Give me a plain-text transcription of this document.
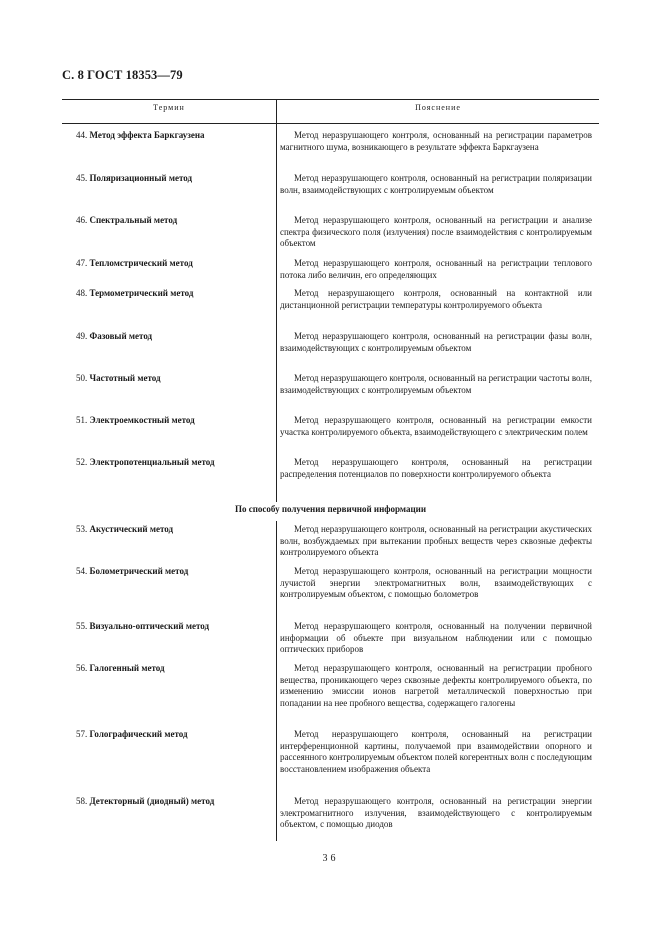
С. 8 ГОСТ 18353—79
Термин	Пояснение
44. Метод эффекта Баркгаузена	Метод неразрушающего контроля, основанный на регистрации параметров магнитного шума, возникающего в результате эффекта Баркгаузена
45. Поляризационный метод	Метод неразрушающего контроля, основанный на регистрации поляризации волн, взаимодействующих с контролируемым объектом
46. Спектральный метод	Метод неразрушающего контроля, основанный на регистрации и анализе спектра физического поля (излучения) после взаимодействия с контролируемым объектом
47. Тепломстрический метод	Метод неразрушающего контроля, основанный на регистрации теплового потока либо величин, его определяющих
48. Термометрический метод	Метод неразрушающего контроля, основанный на контактной или дистанционной регистрации температуры контролируемого объекта
49. Фазовый метод	Метод неразрушающего контроля, основанный на регистрации фазы волн, взаимодействующих с контролируемым объектом
50. Частотный метод	Метод неразрушающего контроля, основанный на регистрации частоты волн, взаимодействующих с контролируемым объектом
51. Электроемкостный метод	Метод неразрушающего контроля, основанный на регистрации емкости участка контролируемого объекта, взаимодействующего с электрическим полем
52. Электропотенциальный метод	Метод неразрушающего контроля, основанный на регистрации распределения потенциалов по поверхности контролируемого объекта
По способу получения первичной информации
53. Акустический метод	Метод неразрушающего контроля, основанный на регистрации акустических волн, возбуждаемых при вытекании пробных веществ через сквозные дефекты контролируемого объекта
54. Болометрический метод	Метод неразрушающего контроля, основанный на регистрации мощности лучистой энергии электромагнитных волн, взаимодействующих с контролируемым объектом, с помощью болометров
55. Визуально-оптический метод	Метод неразрушающего контроля, основанный на получении первичной информации об объекте при визуальном наблюдении или с помощью оптических приборов
56. Галогенный метод	Метод неразрушающего контроля, основанный на регистрации пробного вещества, проникающего через сквозные дефекты контролируемого объекта, по изменению эмиссии ионов нагретой металлической поверхностью при попадании на нее пробного вещества, содержащего галогены
57. Голографический метод	Метод неразрушающего контроля, основанный на регистрации интерференционной картины, получаемой при взаимодействии опорного и рассеянного контролируемым объектом полей когерентных волн с последующим восстановлением изображения объекта
58. Детекторный (диодный) метод	Метод неразрушающего контроля, основанный на регистрации энергии электромагнитного излучения, взаимодействующего с контролируемым объектом, с помощью диодов
36
